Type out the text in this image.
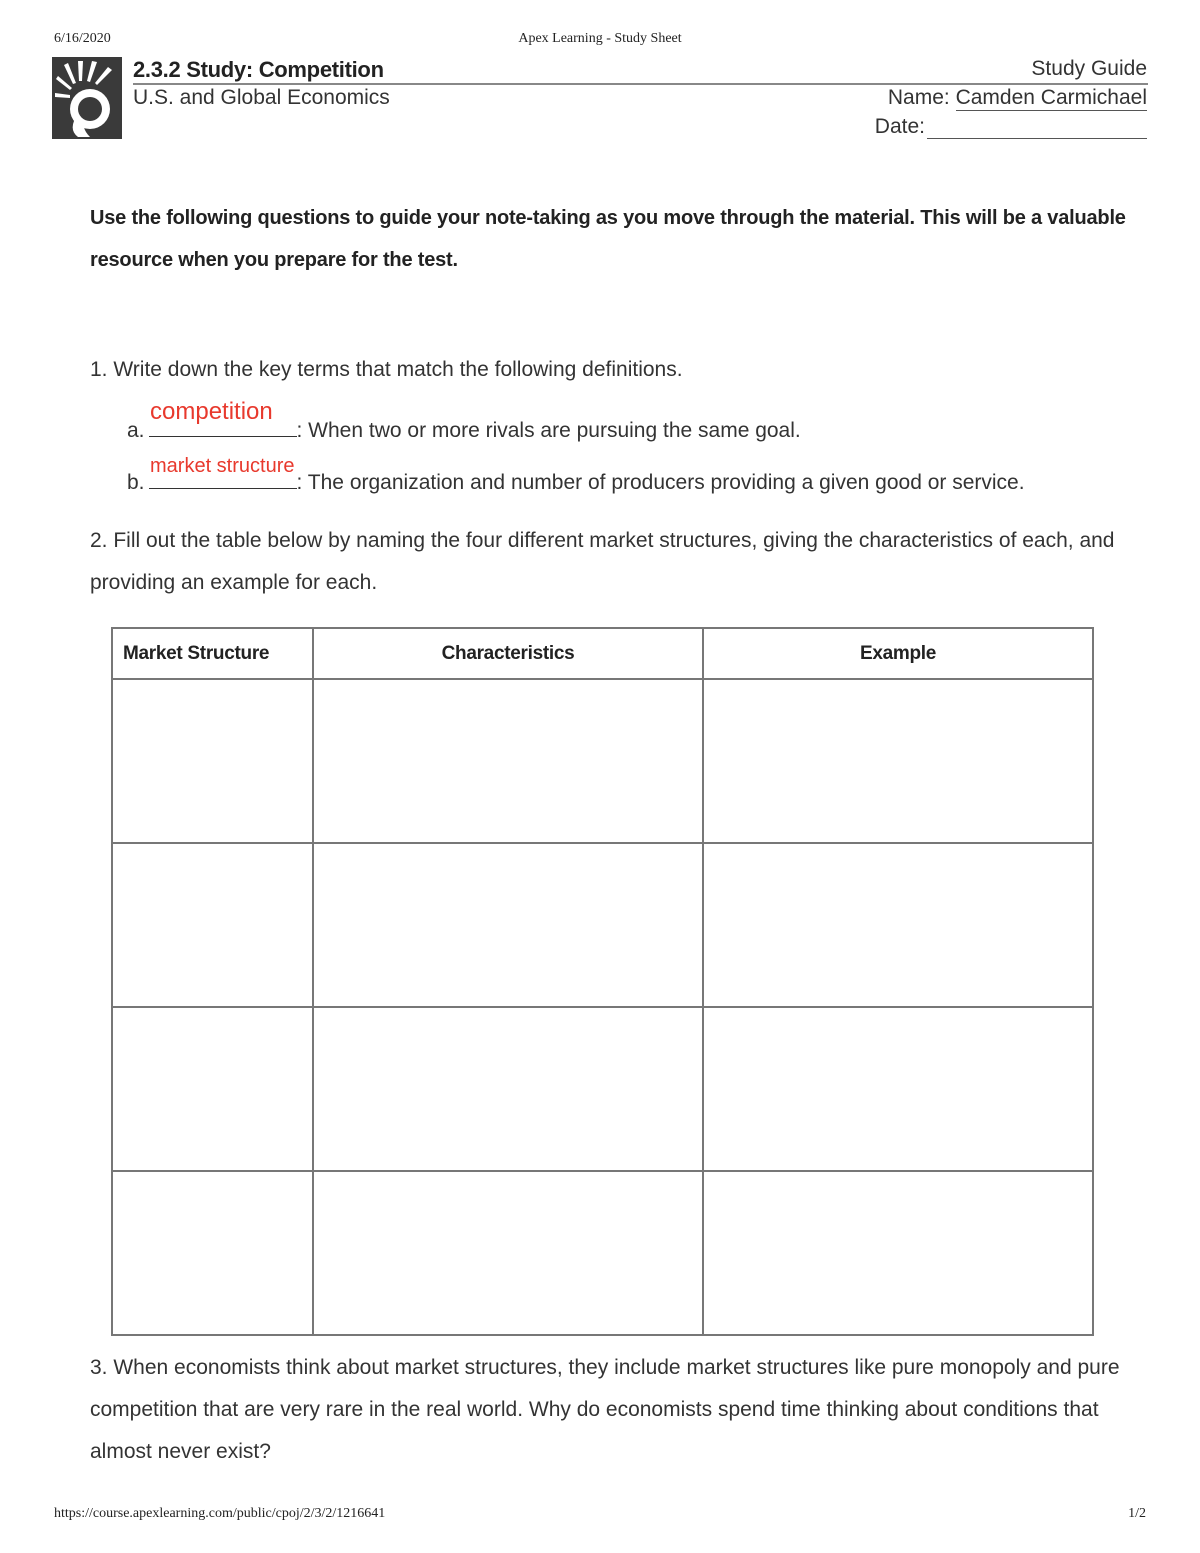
6/16/2020	Apex Learning - Study Sheet
2.3.2 Study: Competition
U.S. and Global Economics
Study Guide
Name: Camden Carmichael
Date:
Use the following questions to guide your note-taking as you move through the material. This will be a valuable resource when you prepare for the test.
1. Write down the key terms that match the following definitions.
competition
a.	: When two or more rivals are pursuing the same goal.
market structure
b.	: The organization and number of producers providing a given good or service.
2. Fill out the table below by naming the four different market structures, giving the characteristics of each, and providing an example for each.
Market Structure	Characteristics	Example

3. When economists think about market structures, they include market structures like pure monopoly and pure competition that are very rare in the real world. Why do economists spend time thinking about conditions that almost never exist?
https://course.apexlearning.com/public/cpoj/2/3/2/1216641	1/2
